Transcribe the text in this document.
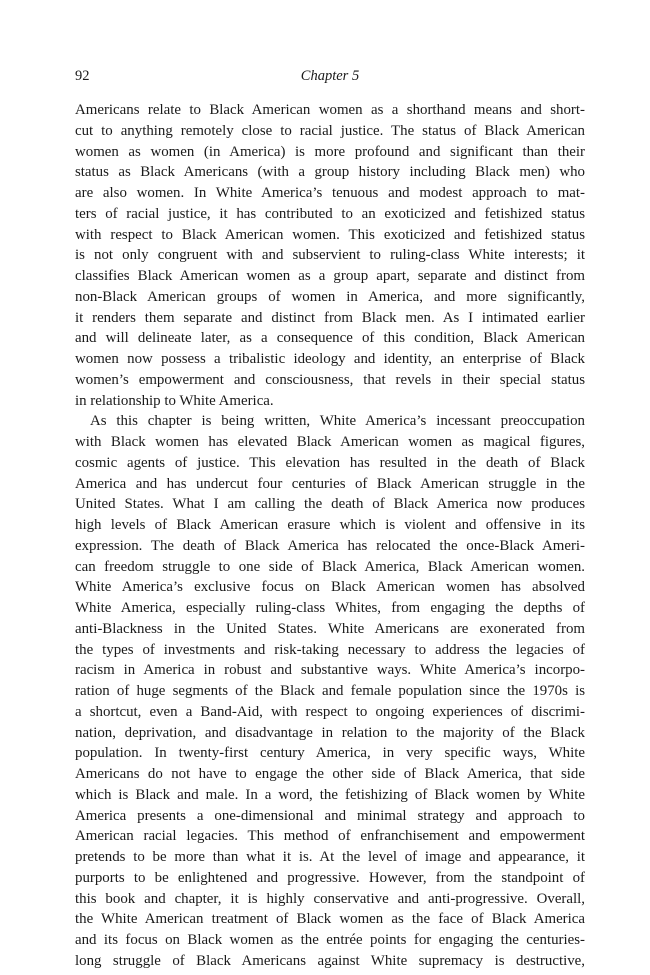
92	Chapter 5
Americans relate to Black American women as a shorthand means and short-
cut to anything remotely close to racial justice. The status of Black American
women as women (in America) is more profound and significant than their
status as Black Americans (with a group history including Black men) who
are also women. In White America’s tenuous and modest approach to mat-
ters of racial justice, it has contributed to an exoticized and fetishized status
with respect to Black American women. This exoticized and fetishized status
is not only congruent with and subservient to ruling-class White interests; it
classifies Black American women as a group apart, separate and distinct from
non-Black American groups of women in America, and more significantly,
it renders them separate and distinct from Black men. As I intimated earlier
and will delineate later, as a consequence of this condition, Black American
women now possess a tribalistic ideology and identity, an enterprise of Black
women’s empowerment and consciousness, that revels in their special status
in relationship to White America.
As this chapter is being written, White America’s incessant preoccupation
with Black women has elevated Black American women as magical figures,
cosmic agents of justice. This elevation has resulted in the death of Black
America and has undercut four centuries of Black American struggle in the
United States. What I am calling the death of Black America now produces
high levels of Black American erasure which is violent and offensive in its
expression. The death of Black America has relocated the once-Black Ameri-
can freedom struggle to one side of Black America, Black American women.
White America’s exclusive focus on Black American women has absolved
White America, especially ruling-class Whites, from engaging the depths of
anti-Blackness in the United States. White Americans are exonerated from
the types of investments and risk-taking necessary to address the legacies of
racism in America in robust and substantive ways. White America’s incorpo-
ration of huge segments of the Black and female population since the 1970s is
a shortcut, even a Band-Aid, with respect to ongoing experiences of discrimi-
nation, deprivation, and disadvantage in relation to the majority of the Black
population. In twenty-first century America, in very specific ways, White
Americans do not have to engage the other side of Black America, that side
which is Black and male. In a word, the fetishizing of Black women by White
America presents a one-dimensional and minimal strategy and approach to
American racial legacies. This method of enfranchisement and empowerment
pretends to be more than what it is. At the level of image and appearance, it
purports to be enlightened and progressive. However, from the standpoint of
this book and chapter, it is highly conservative and anti-progressive. Overall,
the White American treatment of Black women as the face of Black America
and its focus on Black women as the entrée points for engaging the centuries-
long struggle of Black Americans against White supremacy is destructive,
